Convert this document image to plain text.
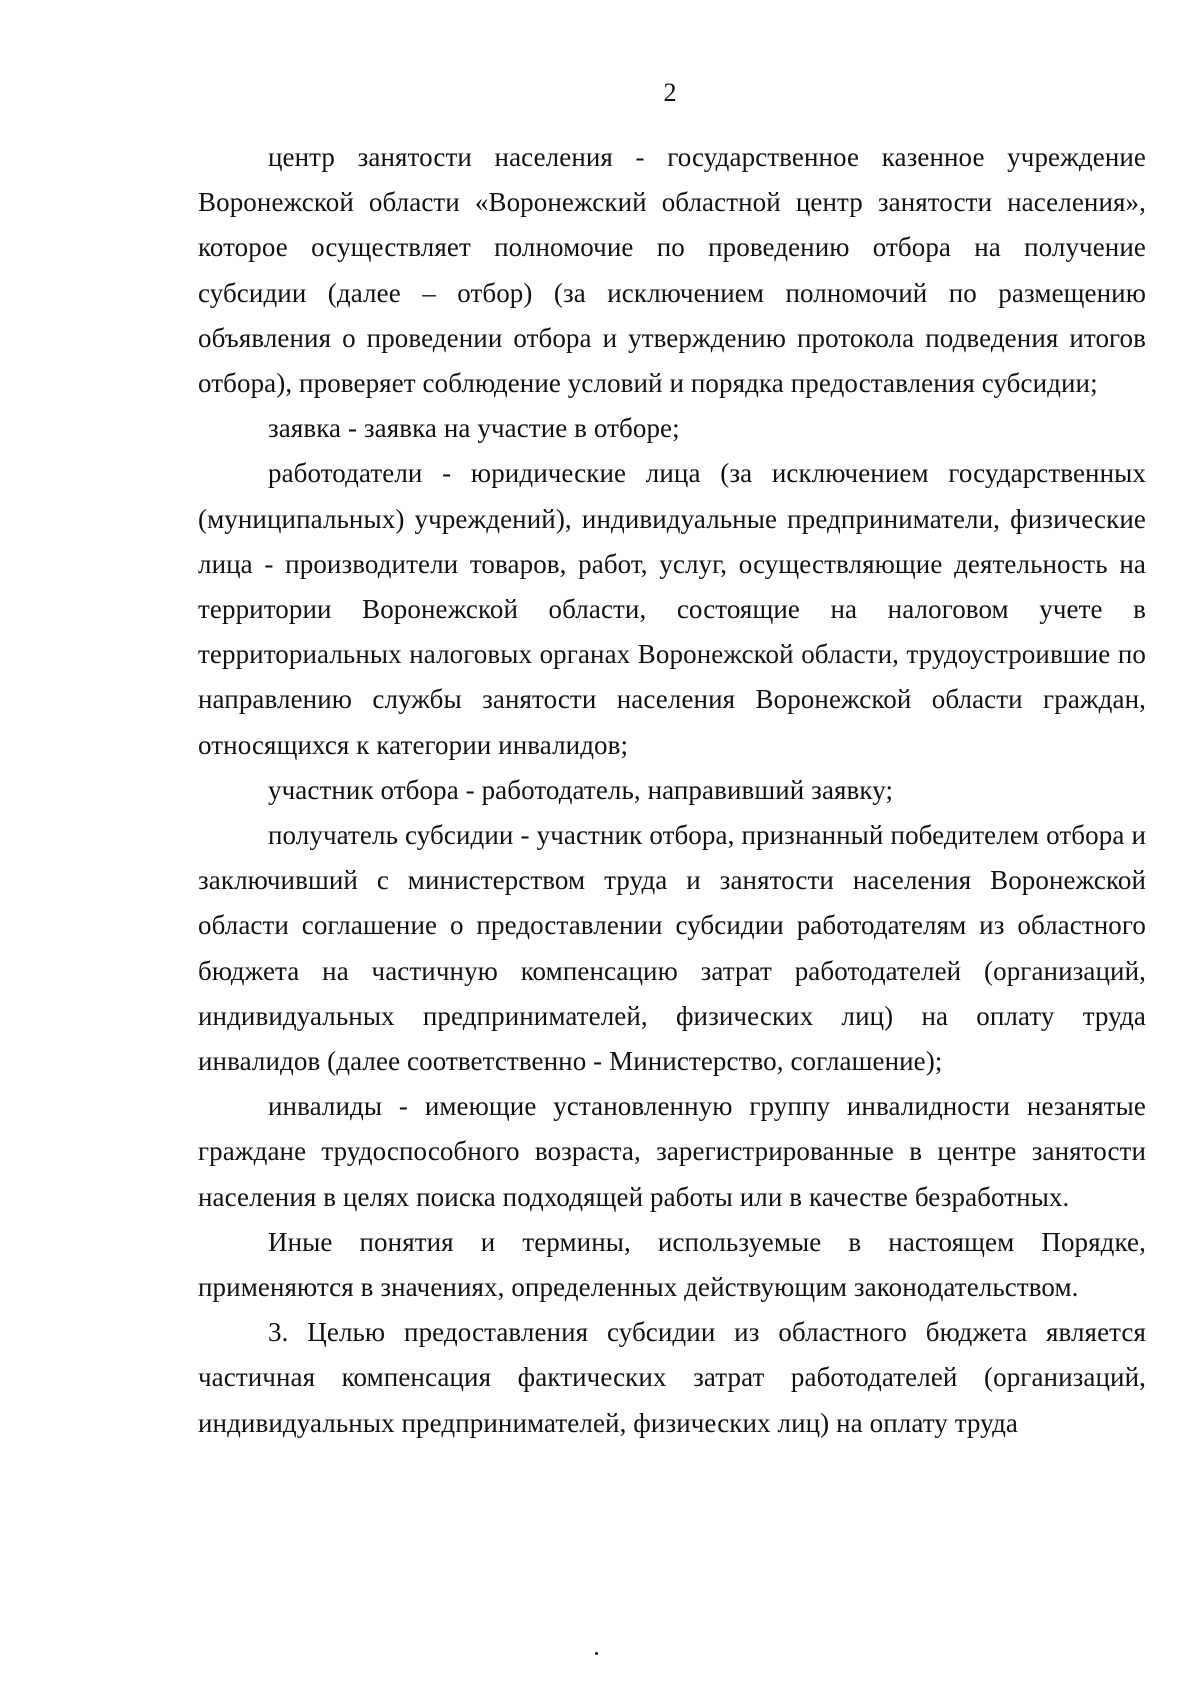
2

центр занятости населения - государственное казенное учреждение Воронежской области «Воронежский областной центр занятости населения», которое осуществляет полномочие по проведению отбора на получение субсидии (далее – отбор) (за исключением полномочий по размещению объявления о проведении отбора и утверждению протокола подведения итогов отбора), проверяет соблюдение условий и порядка предоставления субсидии;

заявка - заявка на участие в отборе;

работодатели - юридические лица (за исключением государственных (муниципальных) учреждений), индивидуальные предприниматели, физические лица - производители товаров, работ, услуг, осуществляющие деятельность на территории Воронежской области, состоящие на налоговом учете в территориальных налоговых органах Воронежской области, трудоустроившие по направлению службы занятости населения Воронежской области граждан, относящихся к категории инвалидов;

участник отбора - работодатель, направивший заявку;

получатель субсидии - участник отбора, признанный победителем отбора и заключивший с министерством труда и занятости населения Воронежской области соглашение о предоставлении субсидии работодателям из областного бюджета на частичную компенсацию затрат работодателей (организаций, индивидуальных предпринимателей, физических лиц) на оплату труда инвалидов (далее соответственно - Министерство, соглашение);

инвалиды - имеющие установленную группу инвалидности незанятые граждане трудоспособного возраста, зарегистрированные в центре занятости населения в целях поиска подходящей работы или в качестве безработных.

Иные понятия и термины, используемые в настоящем Порядке, применяются в значениях, определенных действующим законодательством.

3. Целью предоставления субсидии из областного бюджета является частичная компенсация фактических затрат работодателей (организаций, индивидуальных предпринимателей, физических лиц) на оплату труда
